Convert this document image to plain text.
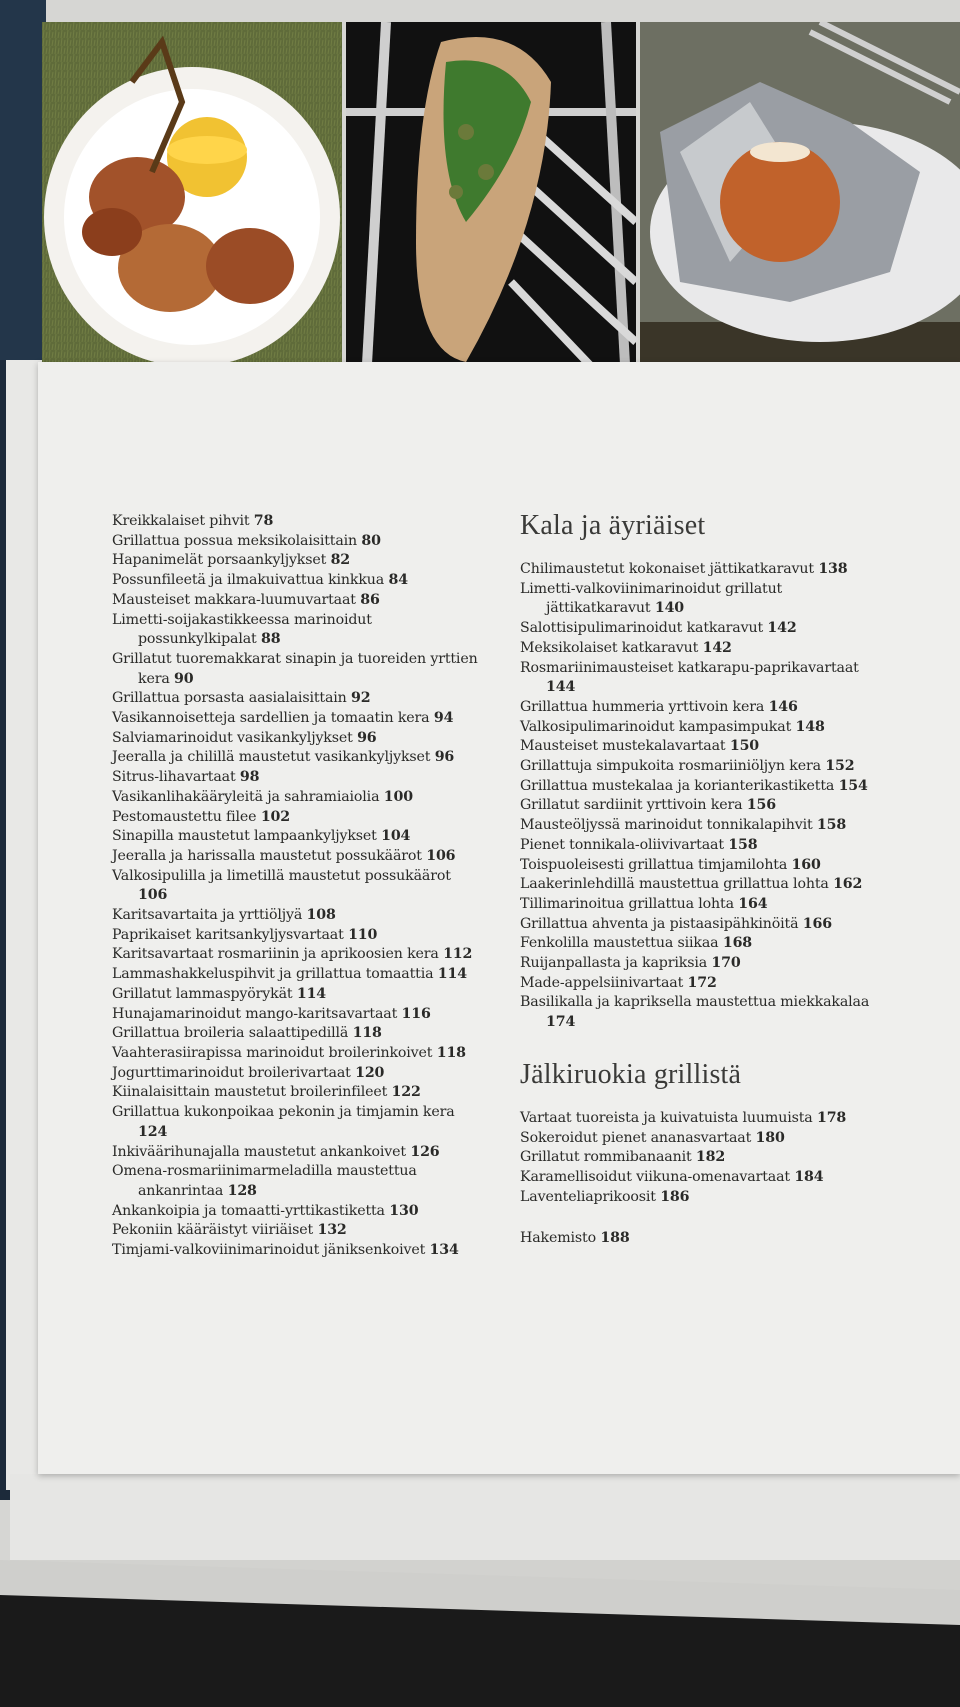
Kreikkalaiset pihvit 78
Grillattua possua meksikolaisittain 80
Hapanimelät porsaankyljykset 82
Possunfileetä ja ilmakuivattua kinkkua 84
Mausteiset makkara-luumuvartaat 86
Limetti-soijakastikkeessa marinoidut
possunkylkipalat 88
Grillatut tuoremakkarat sinapin ja tuoreiden yrttien
kera 90
Grillattua porsasta aasialaisittain 92
Vasikannoisetteja sardellien ja tomaatin kera 94
Salviamarinoidut vasikankyljykset 96
Jeeralla ja chilillä maustetut vasikankyljykset 96
Sitrus-lihavartaat 98
Vasikanlihakääryleitä ja sahramiaiolia 100
Pestomaustettu filee 102
Sinapilla maustetut lampaankyljykset 104
Jeeralla ja harissalla maustetut possukäärot 106
Valkosipulilla ja limetillä maustetut possukäärot
106
Karitsavartaita ja yrttiöljyä 108
Paprikaiset karitsankyljysvartaat 110
Karitsavartaat rosmariinin ja aprikoosien kera 112
Lammashakkeluspihvit ja grillattua tomaattia 114
Grillatut lammaspyörykät 114
Hunajamarinoidut mango-karitsavartaat 116
Grillattua broileria salaattipedillä 118
Vaahterasiirapissa marinoidut broilerinkoivet 118
Jogurttimarinoidut broilerivartaat 120
Kiinalaisittain maustetut broilerinfileet 122
Grillattua kukonpoikaa pekonin ja timjamin kera
124
Inkiväärihunajalla maustetut ankankoivet 126
Omena-rosmariinimarmeladilla maustettua
ankanrintaa 128
Ankankoipia ja tomaatti-yrttikastiketta 130
Pekoniin kääräistyt viiriäiset 132
Timjami-valkoviinimarinoidut jäniksenkoivet 134
Kala ja äyriäiset
Chilimaustetut kokonaiset jättikatkaravut 138
Limetti-valkoviinimarinoidut grillatut
jättikatkaravut 140
Salottisipulimarinoidut katkaravut 142
Meksikolaiset katkaravut 142
Rosmariinimausteiset katkarapu-paprikavartaat
144
Grillattua hummeria yrttivoin kera 146
Valkosipulimarinoidut kampasimpukat 148
Mausteiset mustekalavartaat 150
Grillattuja simpukoita rosmariiniöljyn kera 152
Grillattua mustekalaa ja korianterikastiketta 154
Grillatut sardiinit yrttivoin kera 156
Mausteöljyssä marinoidut tonnikalapihvit 158
Pienet tonnikala-oliivivartaat 158
Toispuoleisesti grillattua timjamilohta 160
Laakerinlehdillä maustettua grillattua lohta 162
Tillimarinoitua grillattua lohta 164
Grillattua ahventa ja pistaasipähkinöitä 166
Fenkolilla maustettua siikaa 168
Ruijanpallasta ja kapriksia 170
Made-appelsiinivartaat 172
Basilikalla ja kapriksella maustettua miekkakalaa
174
Jälkiruokia grillistä
Vartaat tuoreista ja kuivatuista luumuista 178
Sokeroidut pienet ananasvartaat 180
Grillatut rommibanaanit 182
Karamellisoidut viikuna-omenavartaat 184
Laventeliaprikoosit 186
Hakemisto 188
